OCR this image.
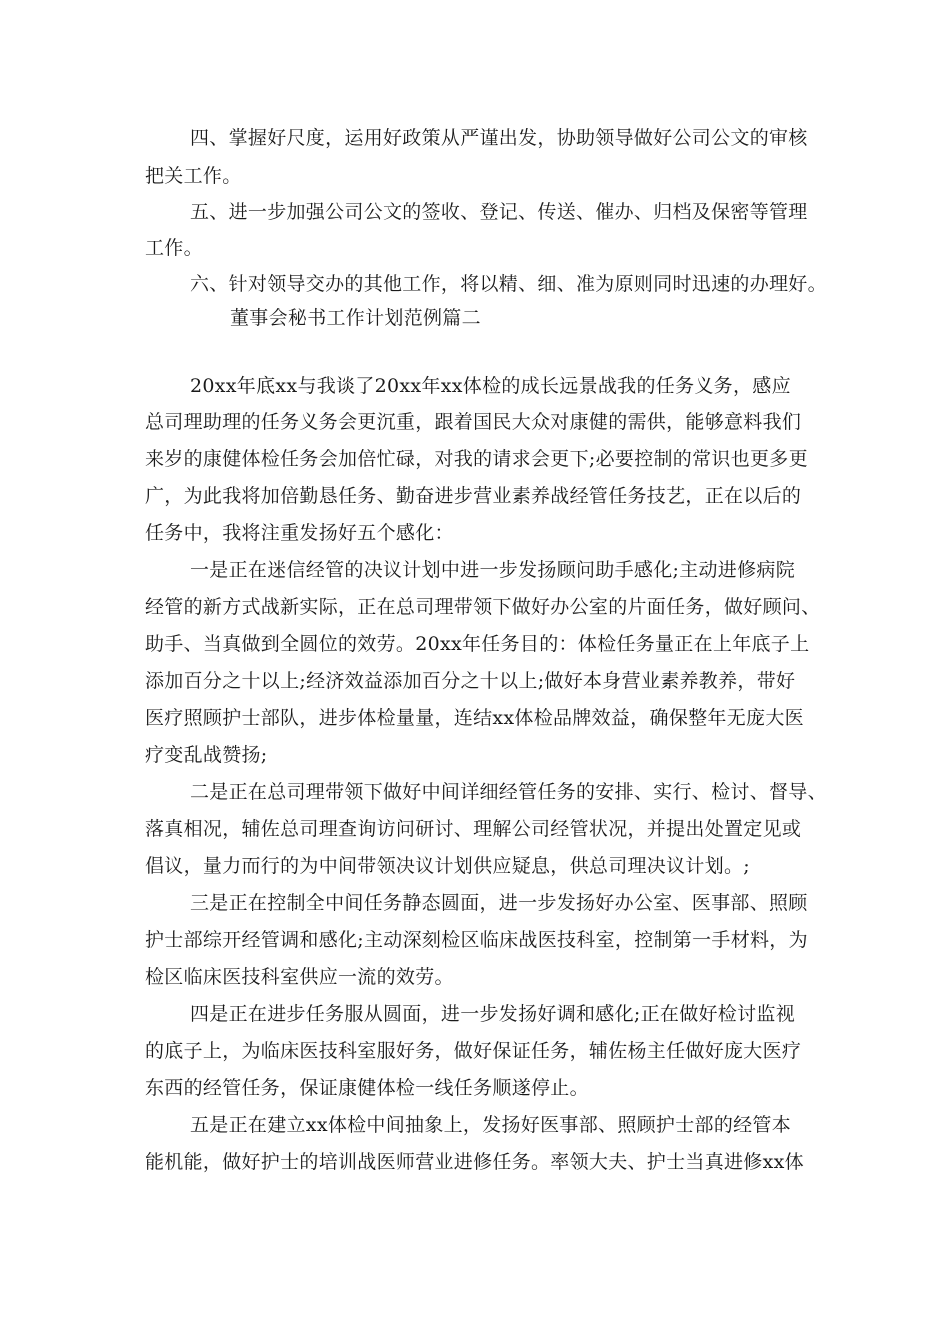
四、掌握好尺度，运用好政策从严谨出发，协助领导做好公司公文的审核
把关工作。
五、进一步加强公司公文的签收、登记、传送、催办、归档及保密等管理
工作。
六、针对领导交办的其他工作，将以精、细、准为原则同时迅速的办理好。
董事会秘书工作计划范例篇二
20xx年底xx与我谈了20xx年xx体检的成长远景战我的任务义务，感应
总司理助理的任务义务会更沉重，跟着国民大众对康健的需供，能够意料我们
来岁的康健体检任务会加倍忙碌，对我的请求会更下;必要控制的常识也更多更
广，为此我将加倍勤恳任务、勤奋进步营业素养战经管任务技艺，正在以后的
任务中，我将注重发扬好五个感化：
一是正在迷信经管的决议计划中进一步发扬顾问助手感化;主动进修病院
经管的新方式战新实际，正在总司理带领下做好办公室的片面任务，做好顾问、
助手、当真做到全圆位的效劳。20xx年任务目的：体检任务量正在上年底子上
添加百分之十以上;经济效益添加百分之十以上;做好本身营业素养教养，带好
医疗照顾护士部队，进步体检量量，连结xx体检品牌效益，确保整年无庞大医
疗变乱战赞扬;
二是正在总司理带领下做好中间详细经管任务的安排、实行、检讨、督导、
落真相况，辅佐总司理查询访问研讨、理解公司经管状况，并提出处置定见或
倡议，量力而行的为中间带领决议计划供应疑息，供总司理决议计划。;
三是正在控制全中间任务静态圆面，进一步发扬好办公室、医事部、照顾
护士部综开经管调和感化;主动深刻检区临床战医技科室，控制第一手材料，为
检区临床医技科室供应一流的效劳。
四是正在进步任务服从圆面，进一步发扬好调和感化;正在做好检讨监视
的底子上，为临床医技科室服好务，做好保证任务，辅佐杨主任做好庞大医疗
东西的经管任务，保证康健体检一线任务顺遂停止。
五是正在建立xx体检中间抽象上，发扬好医事部、照顾护士部的经管本
能机能，做好护士的培训战医师营业进修任务。率领大夫、护士当真进修xx体
